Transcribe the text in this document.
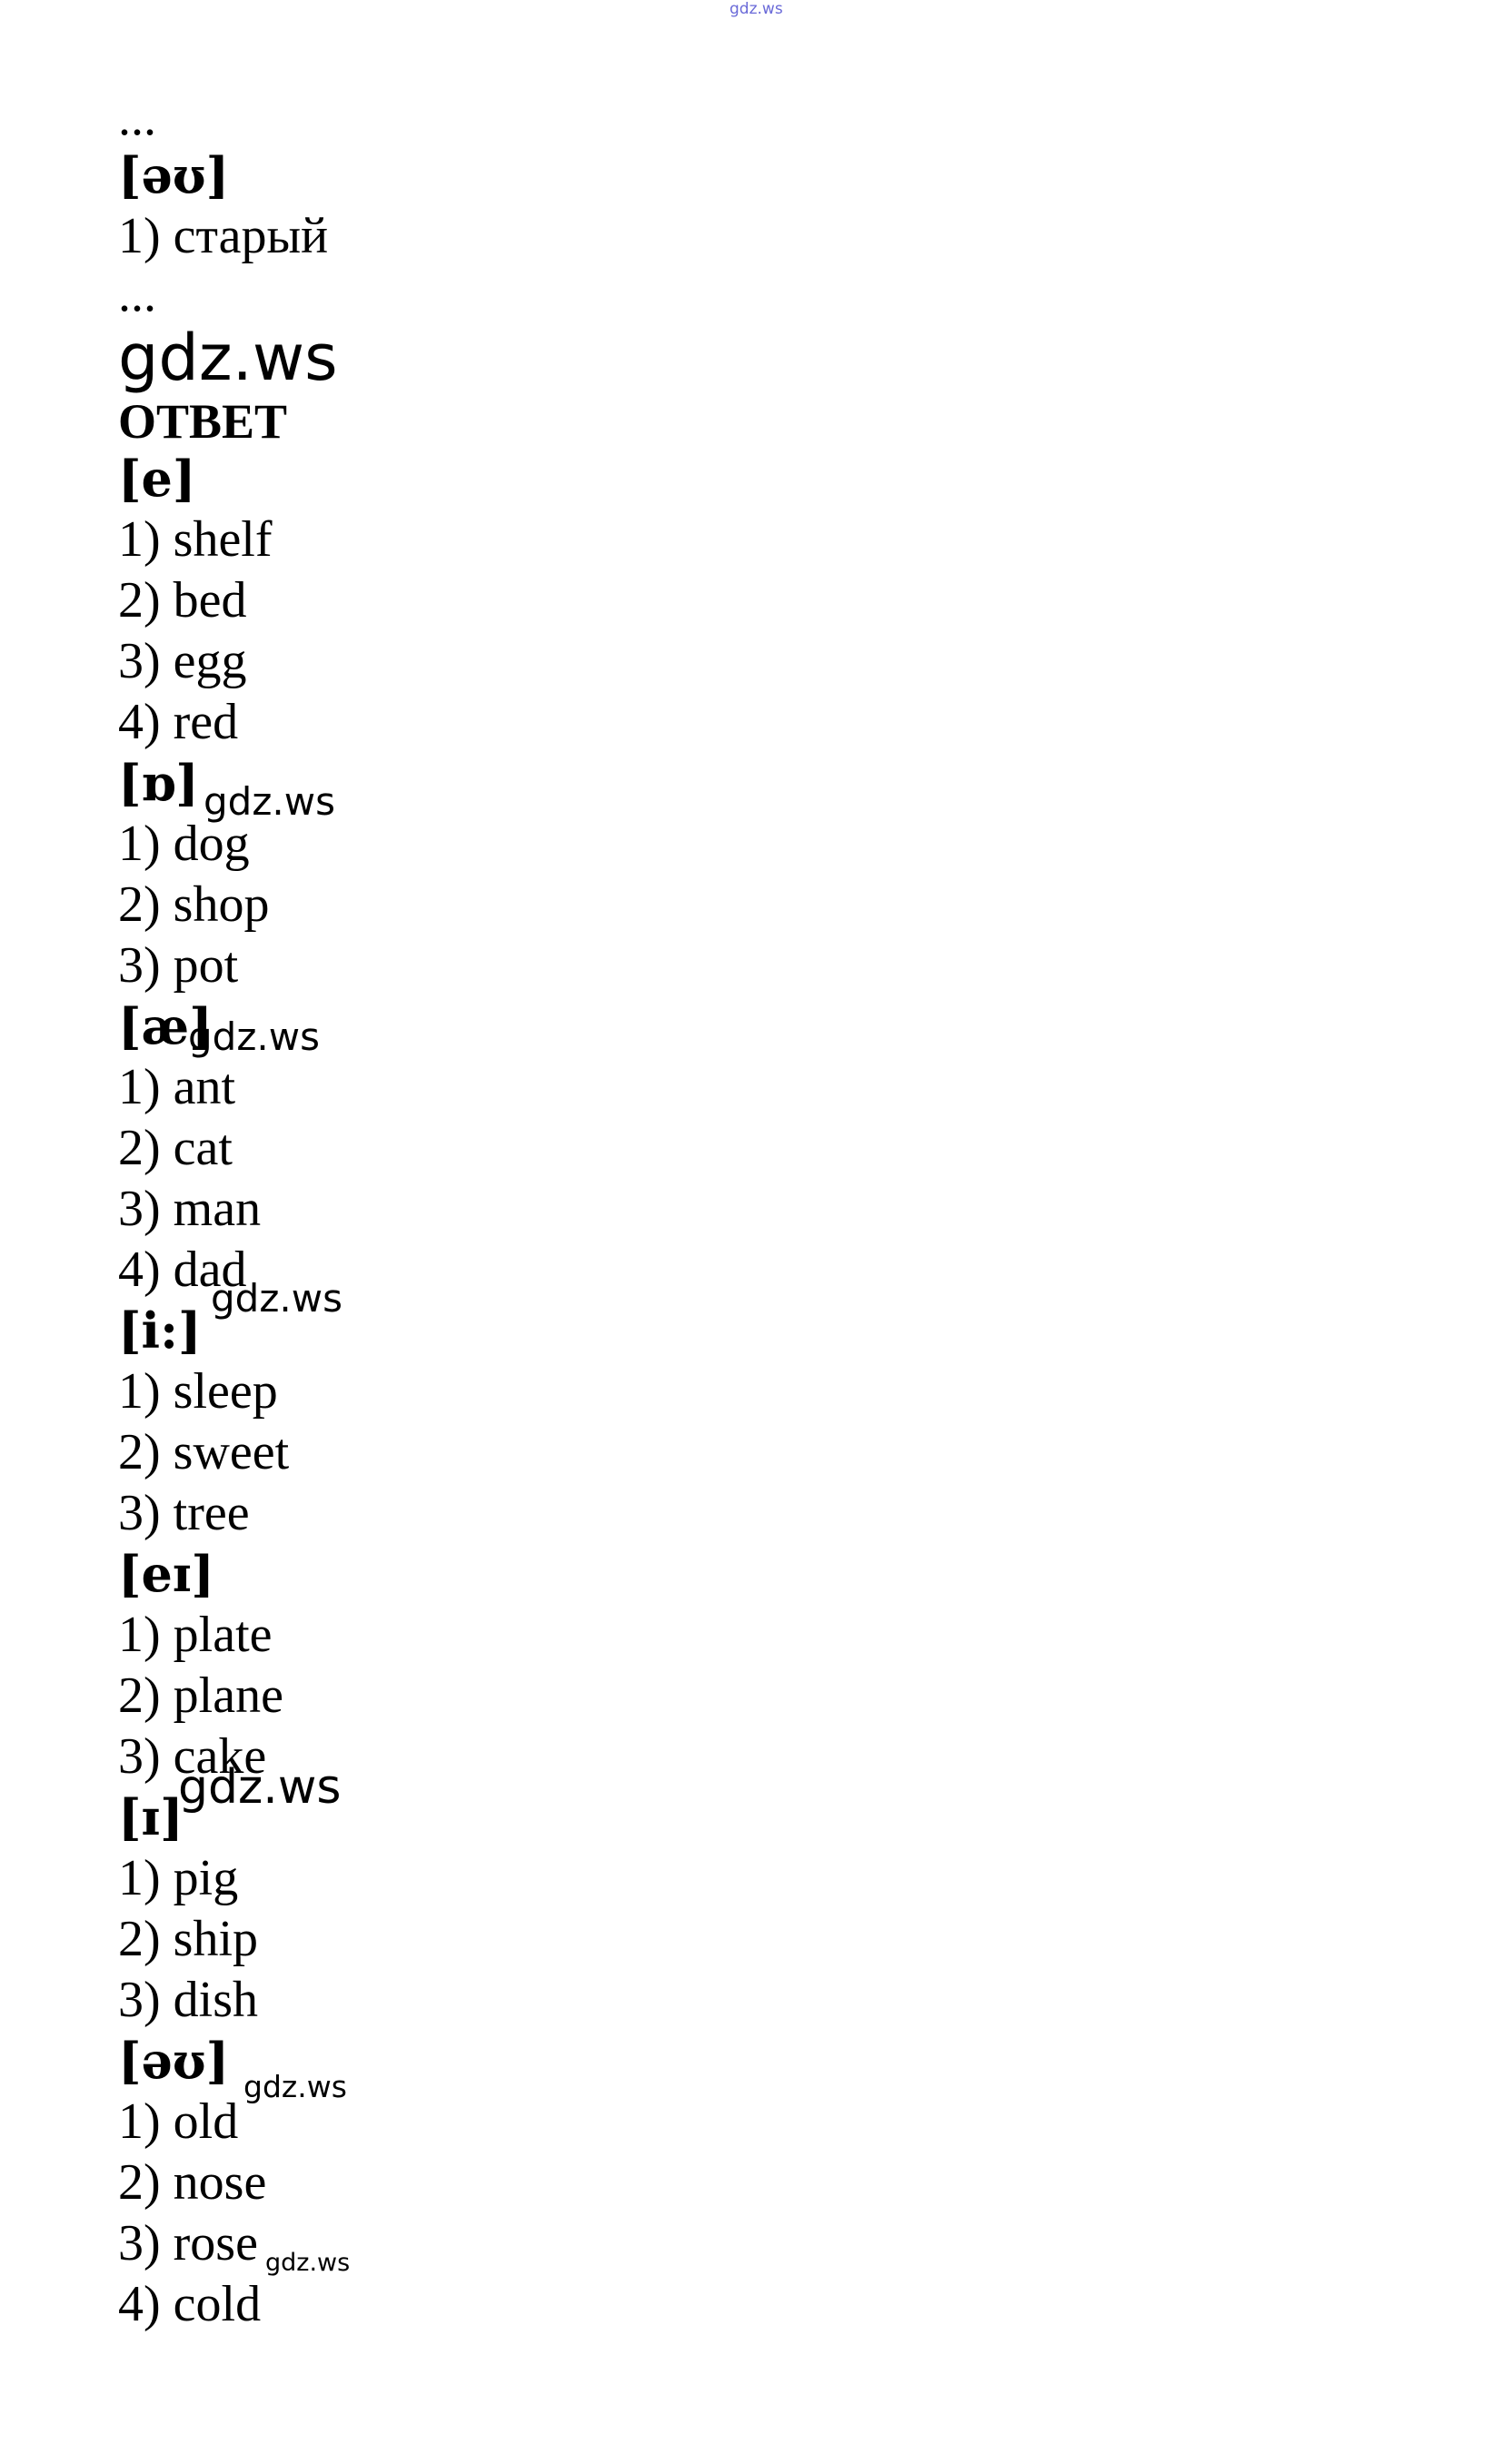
gdz.ws
...
[əʊ]
1) старый
...
gdz.ws
ОТВЕТ
[e]
1) shelf
2) bed
3) egg
4) red
[ɒ]
1) dog
2) shop
3) pot
[æ]
1) ant
2) cat
3) man
4) dad
[i:]
1) sleep
2) sweet
3) tree
[eɪ]
1) plate
2) plane
3) cake
[ɪ]
1) pig
2) ship
3) dish
[əʊ]
1) old
2) nose
3) rose
4) cold
gdz.ws
gdz.ws
gdz.ws
gdz.ws
gdz.ws
gdz.ws
